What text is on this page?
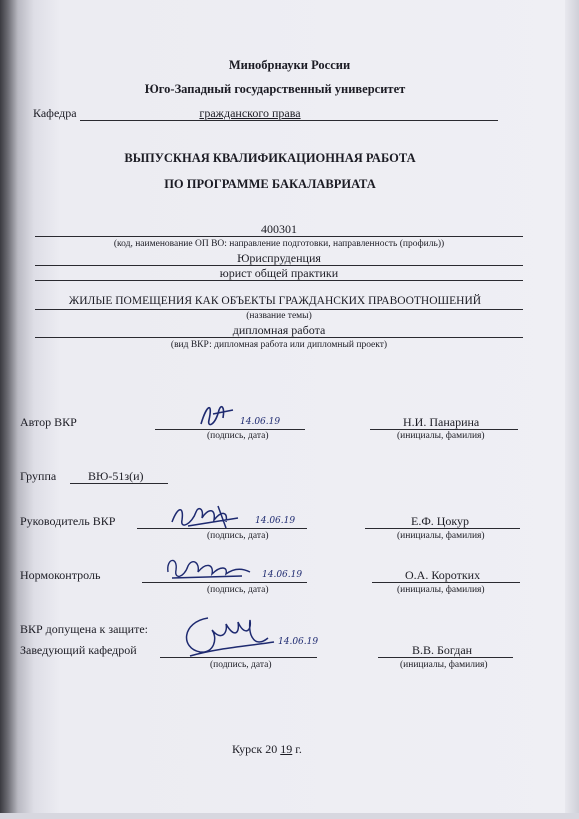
Минобрнауки России
Юго-Западный государственный университет
Кафедра	гражданского права
ВЫПУСКНАЯ КВАЛИФИКАЦИОННАЯ РАБОТА
ПО ПРОГРАММЕ БАКАЛАВРИАТА
400301
(код, наименование ОП ВО: направление подготовки, направленность (профиль))
Юриспруденция
юрист общей практики
ЖИЛЫЕ ПОМЕЩЕНИЯ КАК ОБЪЕКТЫ ГРАЖДАНСКИХ ПРАВООТНОШЕНИЙ
(название темы)
дипломная работа
(вид ВКР: дипломная работа или дипломный проект)
Автор ВКР	14.06.19
(подпись, дата)
Н.И. Панарина
(инициалы, фамилия)
Группа	ВЮ-51з(и)
Руководитель ВКР	14.06.19
(подпись, дата)
Е.Ф. Цокур
(инициалы, фамилия)
Нормоконтроль	14.06.19
(подпись, дата)
О.А. Коротких
(инициалы, фамилия)
ВКР допущена к защите:
Заведующий кафедрой
14.06.19
(подпись, дата)
В.В. Богдан
(инициалы, фамилия)
Курск 20 19 г.
